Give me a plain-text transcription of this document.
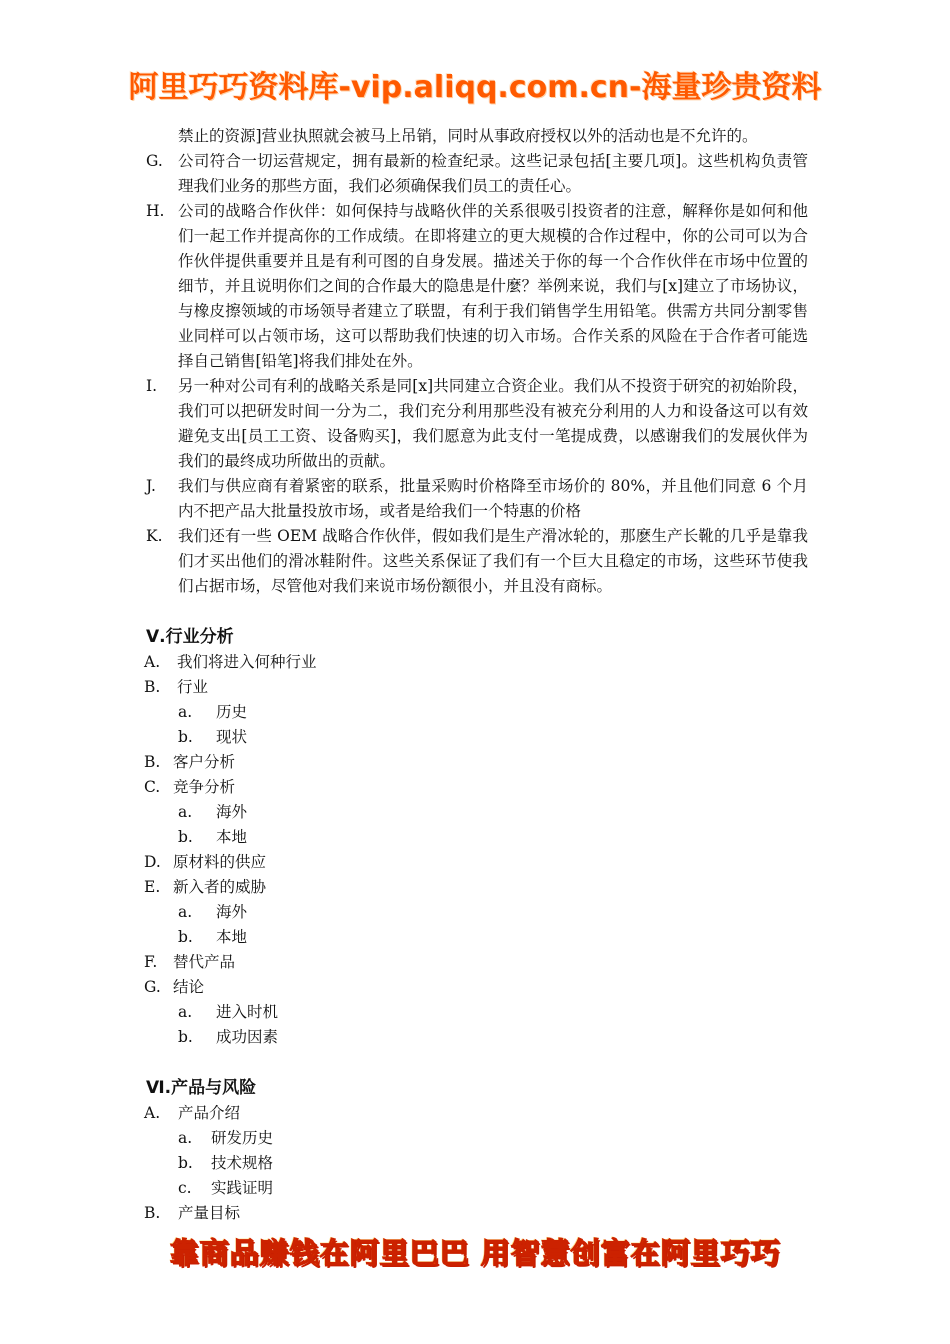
阿里巧巧资料库-vip.aliqq.com.cn-海量珍贵资料
禁止的资源]营业执照就会被马上吊销，同时从事政府授权以外的活动也是不允许的。
G. 公司符合一切运营规定，拥有最新的检查纪录。这些记录包括[主要几项]。这些机构负责管理我们业务的那些方面，我们必须确保我们员工的责任心。
H. 公司的战略合作伙伴：如何保持与战略伙伴的关系很吸引投资者的注意，解释你是如何和他们一起工作并提高你的工作成绩。在即将建立的更大规模的合作过程中，你的公司可以为合作伙伴提供重要并且是有利可图的自身发展。描述关于你的每一个合作伙伴在市场中位置的细节，并且说明你们之间的合作最大的隐患是什麼？举例来说，我们与[x]建立了市场协议，与橡皮擦领域的市场领导者建立了联盟，有利于我们销售学生用铅笔。供需方共同分割零售业同样可以占领市场，这可以帮助我们快速的切入市场。合作关系的风险在于合作者可能选择自己销售[铅笔]将我们排处在外。
I. 另一种对公司有利的战略关系是同[x]共同建立合资企业。我们从不投资于研究的初始阶段，我们可以把研发时间一分为二，我们充分利用那些没有被充分利用的人力和设备这可以有效避免支出[员工工资、设备购买]，我们愿意为此支付一笔提成费，以感谢我们的发展伙伴为我们的最终成功所做出的贡献。
J. 我们与供应商有着紧密的联系，批量采购时价格降至市场价的 80%，并且他们同意 6 个月内不把产品大批量投放市场，或者是给我们一个特惠的价格
K. 我们还有一些 OEM 战略合作伙伴，假如我们是生产滑冰轮的，那麽生产长靴的几乎是靠我们才买出他们的滑冰鞋附件。这些关系保证了我们有一个巨大且稳定的市场，这些环节使我们占据市场，尽管他对我们来说市场份额很小，并且没有商标。
Ⅴ.行业分析
A. 我们将进入何种行业
B. 行业
a. 历史
b. 现状
B. 客户分析
C. 竞争分析
a. 海外
b. 本地
D. 原材料的供应
E. 新入者的威胁
a. 海外
b. 本地
F. 替代产品
G. 结论
a. 进入时机
b. 成功因素
Ⅵ.产品与风险
A. 产品介绍
a. 研发历史
b. 技术规格
c. 实践证明
B. 产量目标
靠商品赚钱在阿里巴巴 用智慧创富在阿里巧巧
